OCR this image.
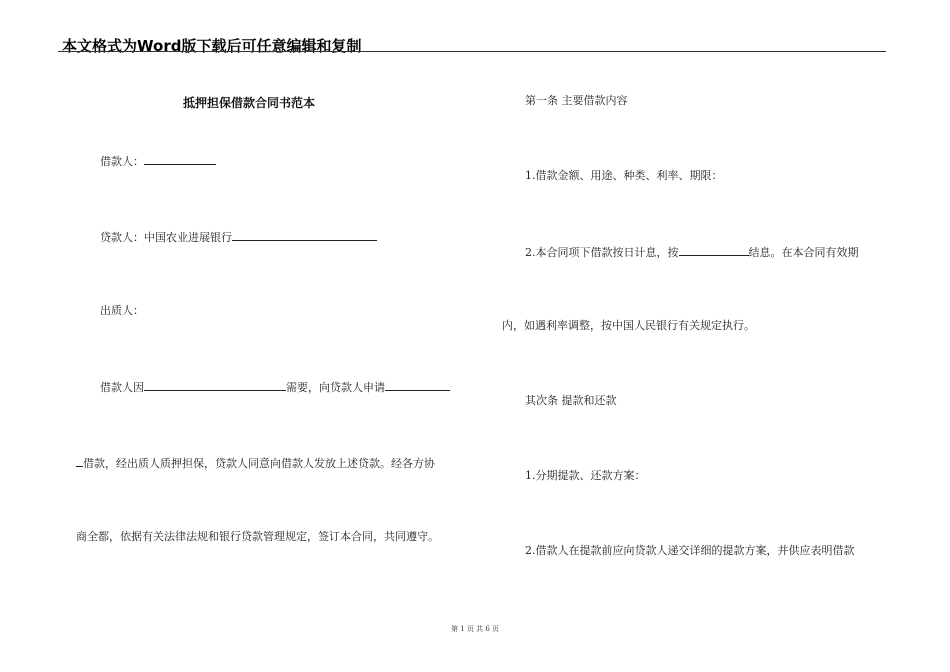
本文格式为Word版下载后可任意编辑和复制
抵押担保借款合同书范本
借款人：
贷款人：中国农业进展银行
出质人：
借款人因	需要，向贷款人申请
借款，经出质人质押担保，贷款人同意向借款人发放上述贷款。经各方协
商全都，依据有关法律法规和银行贷款管理规定，签订本合同，共同遵守。
第一条 主要借款内容
1.借款金额、用途、种类、利率、期限：
2.本合同项下借款按日计息，按	结息。在本合同有效期
内，如遇利率调整，按中国人民银行有关规定执行。
其次条 提款和还款
1.分期提款、还款方案：
2.借款人在提款前应向贷款人递交详细的提款方案，并供应表明借款
第 1 页 共 6 页
